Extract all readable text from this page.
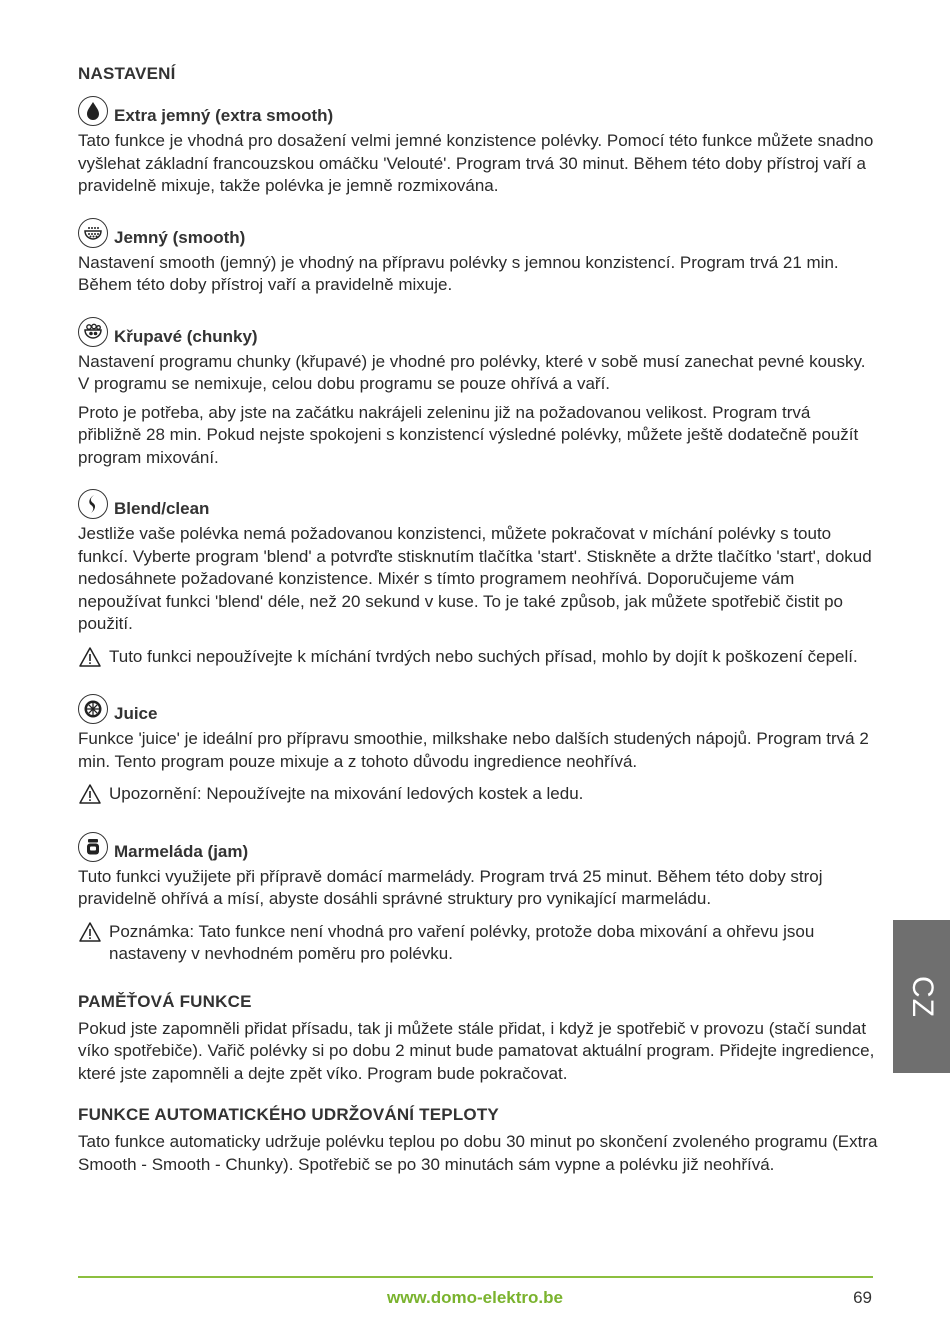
NASTAVENÍ
Extra jemný (extra smooth)

Tato funkce je vhodná pro dosažení velmi jemné konzistence polévky. Pomocí této funkce můžete snadno vyšlehat základní francouzskou omáčku 'Velouté'. Program trvá 30 minut. Během této doby přístroj vaří a pravidelně mixuje, takže polévka je jemně rozmixována.

Jemný (smooth)

Nastavení smooth (jemný) je vhodný na přípravu polévky s jemnou konzistencí. Program trvá 21 min. Během této doby přístroj vaří a pravidelně mixuje.

Křupavé (chunky)

Nastavení programu chunky (křupavé) je vhodné pro polévky, které v sobě musí zanechat pevné kousky. V programu se nemixuje, celou dobu programu se pouze ohřívá a vaří.

Proto je potřeba, aby jste na začátku nakrájeli zeleninu již na požadovanou velikost. Program trvá přibližně 28 min. Pokud nejste spokojeni s konzistencí výsledné polévky, můžete ještě dodatečně použít program mixování.

Blend/clean

Jestliže vaše polévka nemá požadovanou konzistenci, můžete pokračovat v míchání polévky s touto funkcí. Vyberte program 'blend' a potvrďte stisknutím tlačítka 'start'. Stiskněte a držte tlačítko 'start', dokud nedosáhnete požadované konzistence. Mixér s tímto programem neohřívá. Doporučujeme vám nepoužívat funkci 'blend' déle, než 20 sekund v kuse. To je také způsob, jak můžete spotřebič čistit po použití.

Tuto funkci nepoužívejte k míchání tvrdých nebo suchých přísad, mohlo by dojít k poškození čepelí.

Juice

Funkce 'juice' je ideální pro přípravu smoothie, milkshake nebo dalších studených nápojů. Program trvá 2 min. Tento program pouze mixuje a z tohoto důvodu ingredience neohřívá.

Upozornění: Nepoužívejte na mixování ledových kostek a ledu.

Marmeláda (jam)

Tuto funkci využijete při přípravě domácí marmelády. Program trvá 25 minut. Během této doby stroj pravidelně ohřívá a mísí, abyste dosáhli správné struktury pro vynikající marmeládu.

Poznámka: Tato funkce není vhodná pro vaření polévky, protože doba mixování a ohřevu jsou nastaveny v nevhodném poměru pro polévku.

PAMĚŤOVÁ FUNKCE

Pokud jste zapomněli přidat přísadu, tak ji můžete stále přidat, i když je spotřebič v provozu (stačí sundat víko spotřebiče). Vařič polévky si po dobu 2 minut bude pamatovat aktuální program. Přidejte ingredience, které jste zapomněli a dejte zpět víko. Program bude pokračovat.

FUNKCE AUTOMATICKÉHO UDRŽOVÁNÍ TEPLOTY

Tato funkce automaticky udržuje polévku teplou po dobu 30 minut po skončení zvoleného programu (Extra Smooth - Smooth - Chunky). Spotřebič se po 30 minutách sám vypne a polévku již neohřívá.

CZ
www.domo-elektro.be	69
